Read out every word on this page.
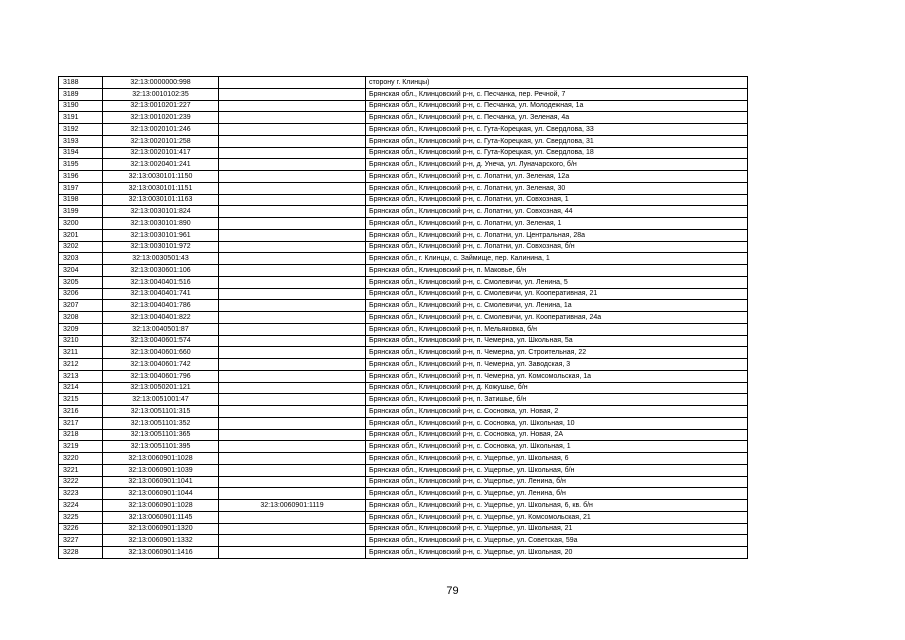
3188	32:13:0000000:998		сторону г. Клинцы)
3189	32:13:0010102:35		Брянская обл., Клинцовский р-н, с. Песчанка, пер. Речной, 7
3190	32:13:0010201:227		Брянская обл., Клинцовский р-н, с. Песчанка, ул. Молодежная, 1а
3191	32:13:0010201:239		Брянская обл., Клинцовский р-н, с. Песчанка, ул. Зеленая, 4а
3192	32:13:0020101:246		Брянская обл., Клинцовский р-н, с. Гута-Корецкая, ул. Свердлова, 33
3193	32:13:0020101:258		Брянская обл., Клинцовский р-н, с. Гута-Корецкая, ул. Свердлова, 31
3194	32:13:0020101:417		Брянская обл., Клинцовский р-н, с. Гута-Корецкая, ул. Свердлова, 18
3195	32:13:0020401:241		Брянская обл., Клинцовский р-н, д. Унеча, ул. Луначарского, б/н
3196	32:13:0030101:1150		Брянская обл., Клинцовский р-н, с. Лопатни, ул. Зеленая, 12а
3197	32:13:0030101:1151		Брянская обл., Клинцовский р-н, с. Лопатни, ул. Зеленая, 30
3198	32:13:0030101:1163		Брянская обл., Клинцовский р-н, с. Лопатни, ул. Совхозная, 1
3199	32:13:0030101:824		Брянская обл., Клинцовский р-н, с. Лопатни, ул. Совхозная, 44
3200	32:13:0030101:890		Брянская обл., Клинцовский р-н, с. Лопатни, ул. Зеленая, 1
3201	32:13:0030101:961		Брянская обл., Клинцовский р-н, с. Лопатни, ул. Центральная, 28а
3202	32:13:0030101:972		Брянская обл., Клинцовский р-н, с. Лопатни, ул. Совхозная, б/н
3203	32:13:0030501:43		Брянская обл., г. Клинцы, с. Займище, пер. Калинина, 1
3204	32:13:0030601:106		Брянская обл., Клинцовский р-н, п. Маковье, б/н
3205	32:13:0040401:516		Брянская обл., Клинцовский р-н, с. Смолевичи, ул. Ленина, 5
3206	32:13:0040401:741		Брянская обл., Клинцовский р-н, с. Смолевичи, ул. Кооперативная, 21
3207	32:13:0040401:786		Брянская обл., Клинцовский р-н, с. Смолевичи, ул. Ленина, 1а
3208	32:13:0040401:822		Брянская обл., Клинцовский р-н, с. Смолевичи, ул. Кооперативная, 24а
3209	32:13:0040501:87		Брянская обл., Клинцовский р-н, п. Мельяковка, б/н
3210	32:13:0040601:574		Брянская обл., Клинцовский р-н, п. Чемерна, ул. Школьная, 5а
3211	32:13:0040601:660		Брянская обл., Клинцовский р-н, п. Чемерна, ул. Строительная, 22
3212	32:13:0040601:742		Брянская обл., Клинцовский р-н, п. Чемерна, ул. Заводская, 3
3213	32:13:0040601:796		Брянская обл., Клинцовский р-н, п. Чемерна, ул. Комсомольская, 1а
3214	32:13:0050201:121		Брянская обл., Клинцовский р-н, д. Кожушье, б/н
3215	32:13:0051001:47		Брянская обл., Клинцовский р-н, п. Затишье, б/н
3216	32:13:0051101:315		Брянская обл., Клинцовский р-н, с. Сосновка, ул. Новая, 2
3217	32:13:0051101:352		Брянская обл., Клинцовский р-н, с. Сосновка, ул. Школьная, 10
3218	32:13:0051101:365		Брянская обл., Клинцовский р-н, с. Сосновка, ул. Новая, 2А
3219	32:13:0051101:395		Брянская обл., Клинцовский р-н, с. Сосновка, ул. Школьная, 1
3220	32:13:0060901:1028		Брянская обл., Клинцовский р-н, с. Ущерпье, ул. Школьная, 6
3221	32:13:0060901:1039		Брянская обл., Клинцовский р-н, с. Ущерпье, ул. Школьная, б/н
3222	32:13:0060901:1041		Брянская обл., Клинцовский р-н, с. Ущерпье, ул. Ленина, б/н
3223	32:13:0060901:1044		Брянская обл., Клинцовский р-н, с. Ущерпье, ул. Ленина, б/н
3224	32:13:0060901:1028	32:13:0060901:1119	Брянская обл., Клинцовский р-н, с. Ущерпье, ул. Школьная, 6, кв. б/н
3225	32:13:0060901:1145		Брянская обл., Клинцовский р-н, с. Ущерпье, ул. Комсомольская, 21
3226	32:13:0060901:1320		Брянская обл., Клинцовский р-н, с. Ущерпье, ул. Школьная, 21
3227	32:13:0060901:1332		Брянская обл., Клинцовский р-н, с. Ущерпье, ул. Советская, 59а
3228	32:13:0060901:1416		Брянская обл., Клинцовский р-н, с. Ущерпье, ул. Школьная, 20
79
